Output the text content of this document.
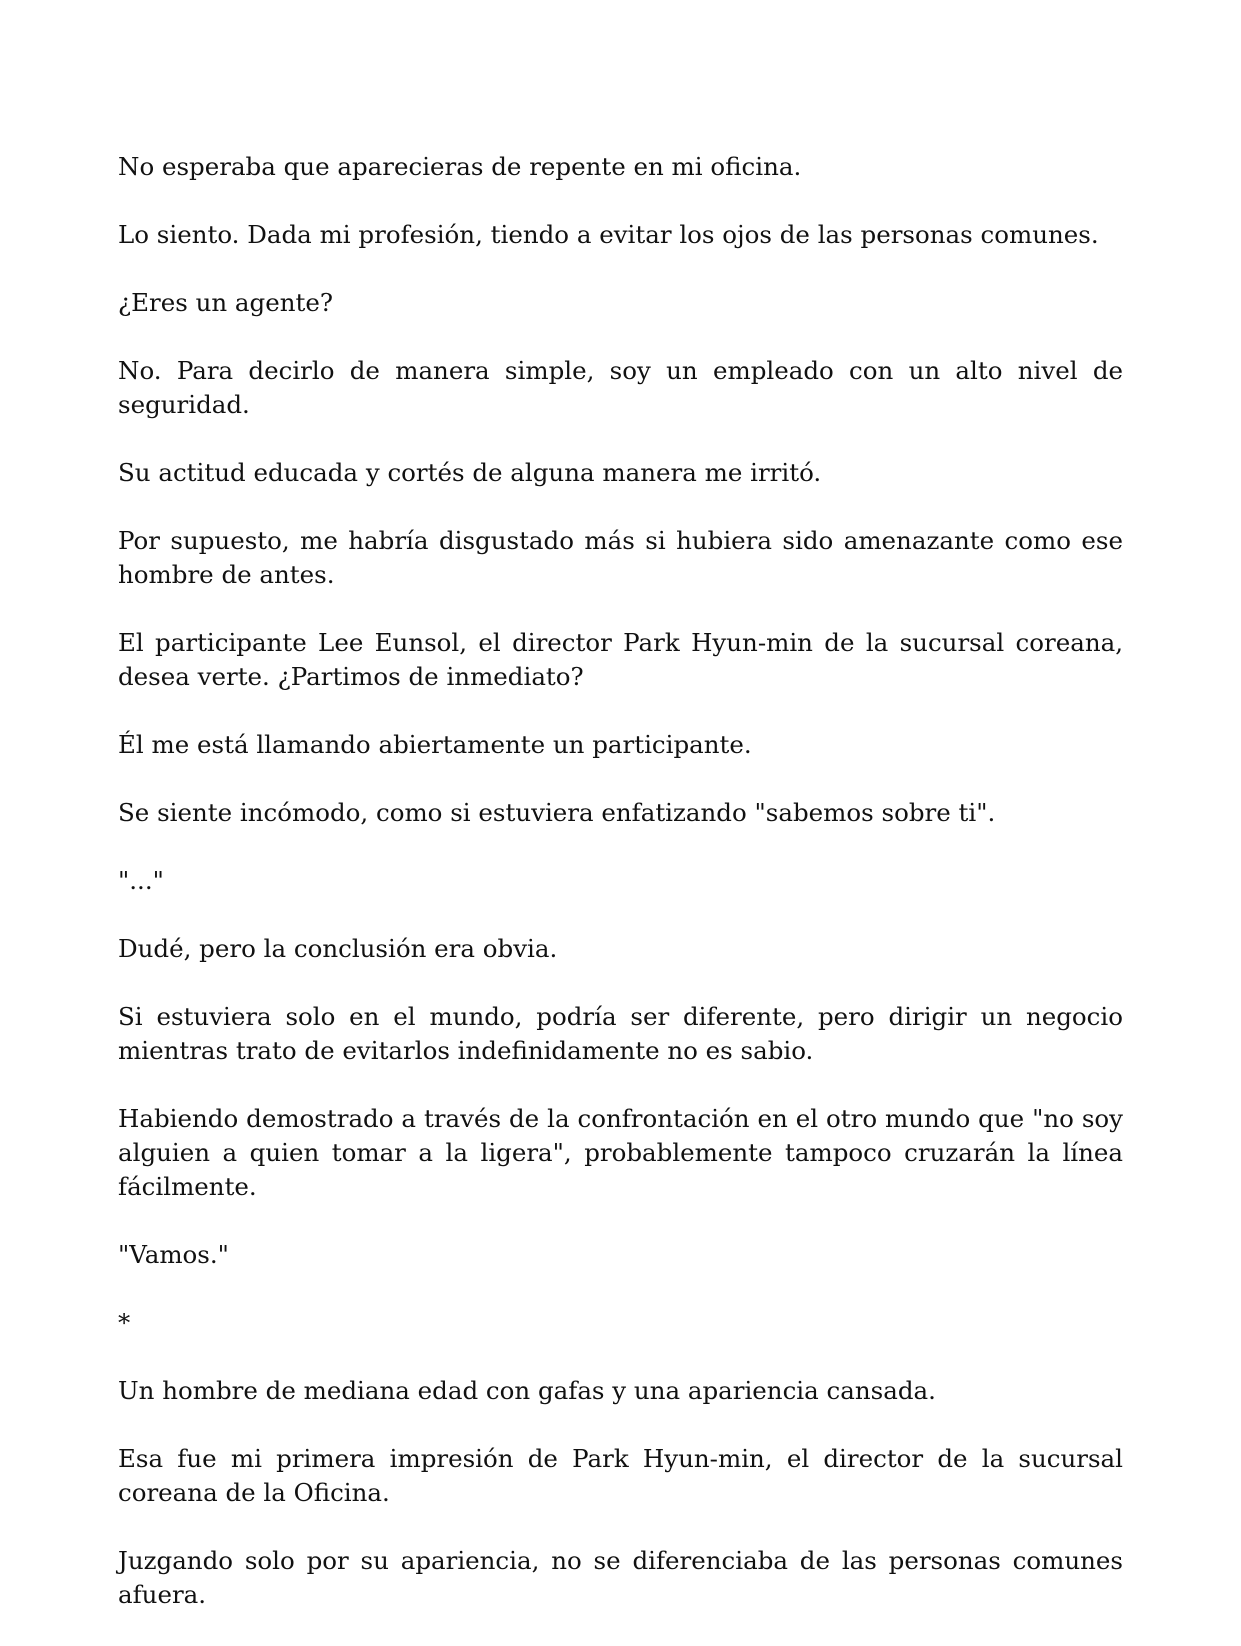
No esperaba que aparecieras de repente en mi oficina.

Lo siento. Dada mi profesión, tiendo a evitar los ojos de las personas comunes.

¿Eres un agente?

No. Para decirlo de manera simple, soy un empleado con un alto nivel de seguridad.

Su actitud educada y cortés de alguna manera me irritó.

Por supuesto, me habría disgustado más si hubiera sido amenazante como ese hombre de antes.

El participante Lee Eunsol, el director Park Hyun-min de la sucursal coreana, desea verte. ¿Partimos de inmediato?

Él me está llamando abiertamente un participante.

Se siente incómodo, como si estuviera enfatizando "sabemos sobre ti".

"..."

Dudé, pero la conclusión era obvia.

Si estuviera solo en el mundo, podría ser diferente, pero dirigir un negocio mientras trato de evitarlos indefinidamente no es sabio.

Habiendo demostrado a través de la confrontación en el otro mundo que "no soy alguien a quien tomar a la ligera", probablemente tampoco cruzarán la línea fácilmente.

"Vamos."

*

Un hombre de mediana edad con gafas y una apariencia cansada.

Esa fue mi primera impresión de Park Hyun-min, el director de la sucursal coreana de la Oficina.

Juzgando solo por su apariencia, no se diferenciaba de las personas comunes afuera.
